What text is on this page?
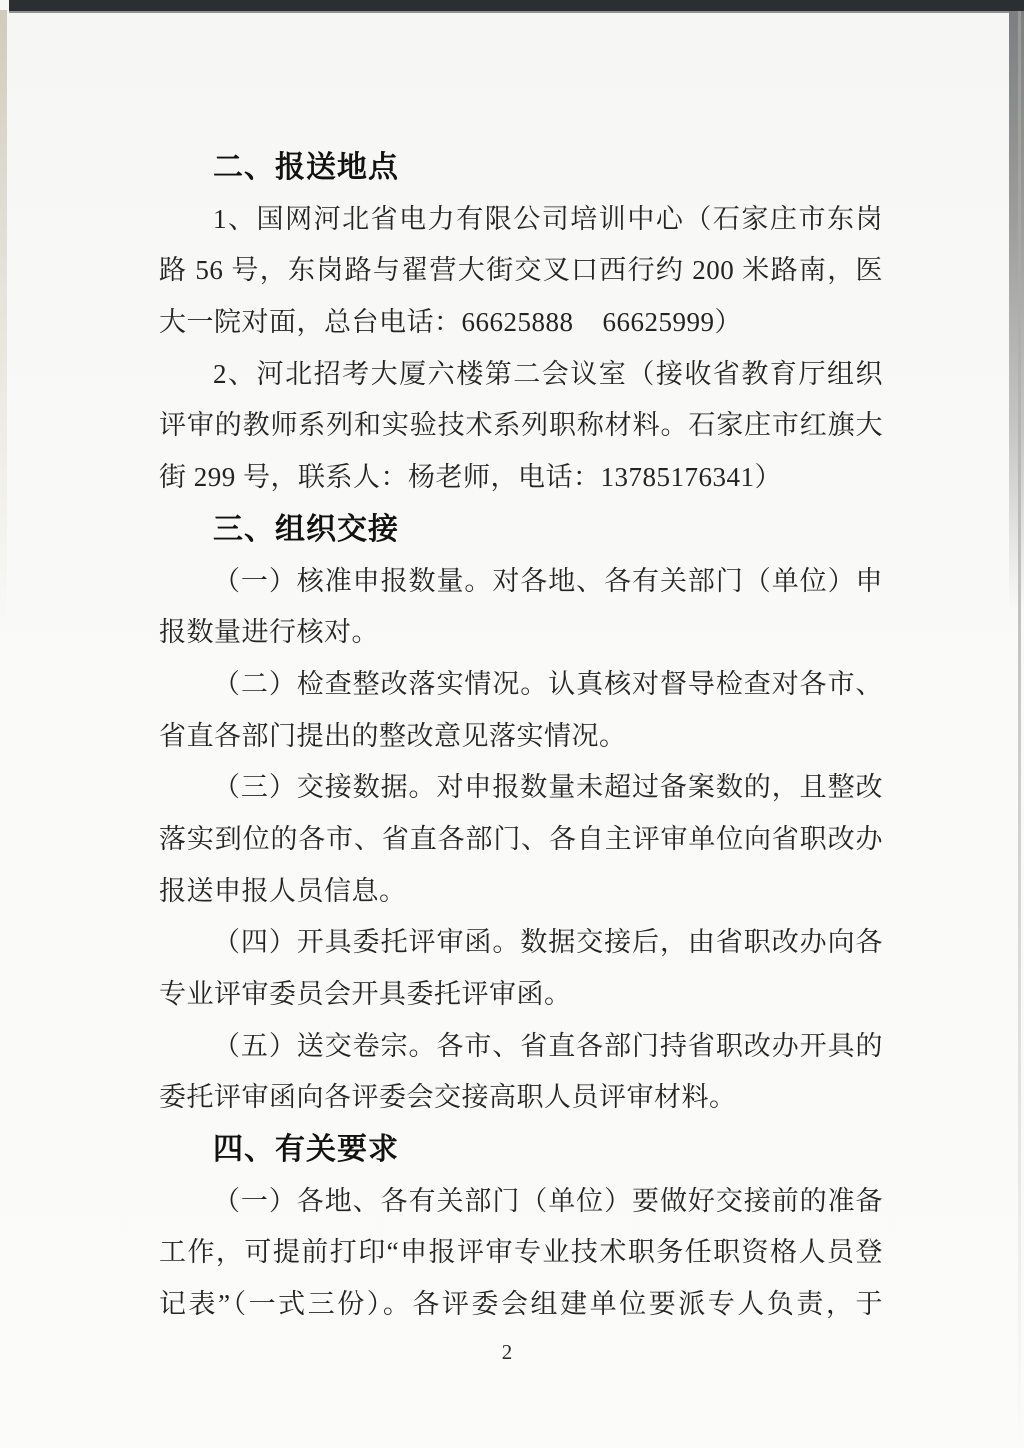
二、报送地点
1、国网河北省电力有限公司培训中心（石家庄市东岗
路 56 号，东岗路与翟营大街交叉口西行约 200 米路南，医
大一院对面，总台电话：66625888    66625999）
2、河北招考大厦六楼第二会议室（接收省教育厅组织
评审的教师系列和实验技术系列职称材料。石家庄市红旗大
街 299 号，联系人：杨老师，电话：13785176341）
三、组织交接
（一）核准申报数量。对各地、各有关部门（单位）申
报数量进行核对。
（二）检查整改落实情况。认真核对督导检查对各市、
省直各部门提出的整改意见落实情况。
（三）交接数据。对申报数量未超过备案数的，且整改
落实到位的各市、省直各部门、各自主评审单位向省职改办
报送申报人员信息。
（四）开具委托评审函。数据交接后，由省职改办向各
专业评审委员会开具委托评审函。
（五）送交卷宗。各市、省直各部门持省职改办开具的
委托评审函向各评委会交接高职人员评审材料。
四、有关要求
（一）各地、各有关部门（单位）要做好交接前的准备
工作，可提前打印“申报评审专业技术职务任职资格人员登
记表”（一式三份）。各评委会组建单位要派专人负责，于
2
